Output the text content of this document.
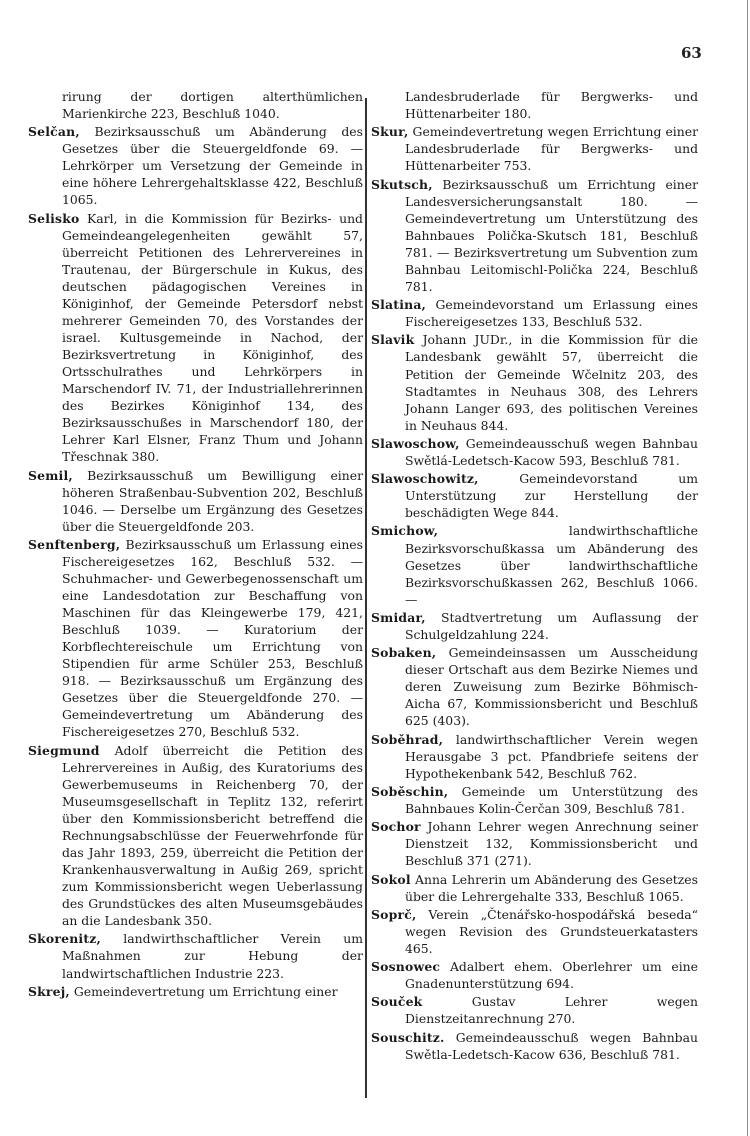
63

rirung der dortigen alterthümlichen Marienkirche 223, Beschluß 1040.

Selčan, Bezirksausschuß um Abänderung des Gesetzes über die Steuergeldfonde 69. — Lehrkörper um Versetzung der Gemeinde in eine höhere Lehrergehaltsklasse 422, Beschluß 1065.

Selisko Karl, in die Kommission für Bezirks- und Gemeindeangelegenheiten gewählt 57, überreicht Petitionen des Lehrervereines in Trautenau, der Bürgerschule in Kukus, des deutschen pädagogischen Vereines in Königinhof, der Gemeinde Petersdorf nebst mehrerer Gemeinden 70, des Vorstandes der israel. Kultusgemeinde in Nachod, der Bezirksvertretung in Königinhof, des Ortsschulrathes und Lehrkörpers in Marschendorf IV. 71, der Industriallehrerinnen des Bezirkes Königinhof 134, des Bezirksausschußes in Marschendorf 180, der Lehrer Karl Elsner, Franz Thum und Johann Třeschnak 380.

Semil, Bezirksausschuß um Bewilligung einer höheren Straßenbau-Subvention 202, Beschluß 1046. — Derselbe um Ergänzung des Gesetzes über die Steuergeldfonde 203.

Senftenberg, Bezirksausschuß um Erlassung eines Fischereigesetzes 162, Beschluß 532. — Schuhmacher- und Gewerbegenossenschaft um eine Landesdotation zur Beschaffung von Maschinen für das Kleingewerbe 179, 421, Beschluß 1039. — Kuratorium der Korbflechtereischule um Errichtung von Stipendien für arme Schüler 253, Beschluß 918. — Bezirksausschuß um Ergänzung des Gesetzes über die Steuergeldfonde 270. — Gemeindevertretung um Abänderung des Fischereigesetzes 270, Beschluß 532.

Siegmund Adolf überreicht die Petition des Lehrervereines in Außig, des Kuratoriums des Gewerbemuseums in Reichenberg 70, der Museumsgesellschaft in Teplitz 132, referirt über den Kommissionsbericht betreffend die Rechnungsabschlüsse der Feuerwehrfonde für das Jahr 1893, 259, überreicht die Petition der Krankenhausverwaltung in Außig 269, spricht zum Kommissionsbericht wegen Ueberlassung des Grundstückes des alten Museumsgebäudes an die Landesbank 350.

Skorenitz, landwirthschaftlicher Verein um Maßnahmen zur Hebung der landwirtschaftlichen Industrie 223.

Skrej, Gemeindevertretung um Errichtung einer

Landesbruderlade für Bergwerks- und Hüttenarbeiter 180.

Skur, Gemeindevertretung wegen Errichtung einer Landesbruderlade für Bergwerks- und Hüttenarbeiter 753.

Skutsch, Bezirksausschuß um Errichtung einer Landesversicherungsanstalt 180. — Gemeindevertretung um Unterstützung des Bahnbaues Polička-Skutsch 181, Beschluß 781. — Bezirksvertretung um Subvention zum Bahnbau Leitomischl-Polička 224, Beschluß 781.

Slatina, Gemeindevorstand um Erlassung eines Fischereigesetzes 133, Beschluß 532.

Slavik Johann JUDr., in die Kommission für die Landesbank gewählt 57, überreicht die Petition der Gemeinde Wčelnitz 203, des Stadtamtes in Neuhaus 308, des Lehrers Johann Langer 693, des politischen Vereines in Neuhaus 844.

Slawoschow, Gemeindeausschuß wegen Bahnbau Swětlá-Ledetsch-Kacow 593, Beschluß 781.

Slawoschowitz, Gemeindevorstand um Unterstützung zur Herstellung der beschädigten Wege 844.

Smichow, landwirthschaftliche Bezirksvorschußkassa um Abänderung des Gesetzes über landwirthschaftliche Bezirksvorschußkassen 262, Beschluß 1066. —

Smidar, Stadtvertretung um Auflassung der Schulgeldzahlung 224.

Sobaken, Gemeindeinsassen um Ausscheidung dieser Ortschaft aus dem Bezirke Niemes und deren Zuweisung zum Bezirke Böhmisch-Aicha 67, Kommissionsbericht und Beschluß 625 (403).

Soběhrad, landwirthschaftlicher Verein wegen Herausgabe 3 pct. Pfandbriefe seitens der Hypothekenbank 542, Beschluß 762.

Soběschin, Gemeinde um Unterstützung des Bahnbaues Kolin-Čerčan 309, Beschluß 781.

Sochor Johann Lehrer wegen Anrechnung seiner Dienstzeit 132, Kommissionsbericht und Beschluß 371 (271).

Sokol Anna Lehrerin um Abänderung des Gesetzes über die Lehrergehalte 333, Beschluß 1065.

Soprč, Verein „Čtenářsko-hospodářská beseda“ wegen Revision des Grundsteuerkatasters 465.

Sosnowec Adalbert ehem. Oberlehrer um eine Gnadenunterstützung 694.

Souček Gustav Lehrer wegen Dienstzeitanrechnung 270.

Souschitz. Gemeindeausschuß wegen Bahnbau Swětla-Ledetsch-Kacow 636, Beschluß 781.
